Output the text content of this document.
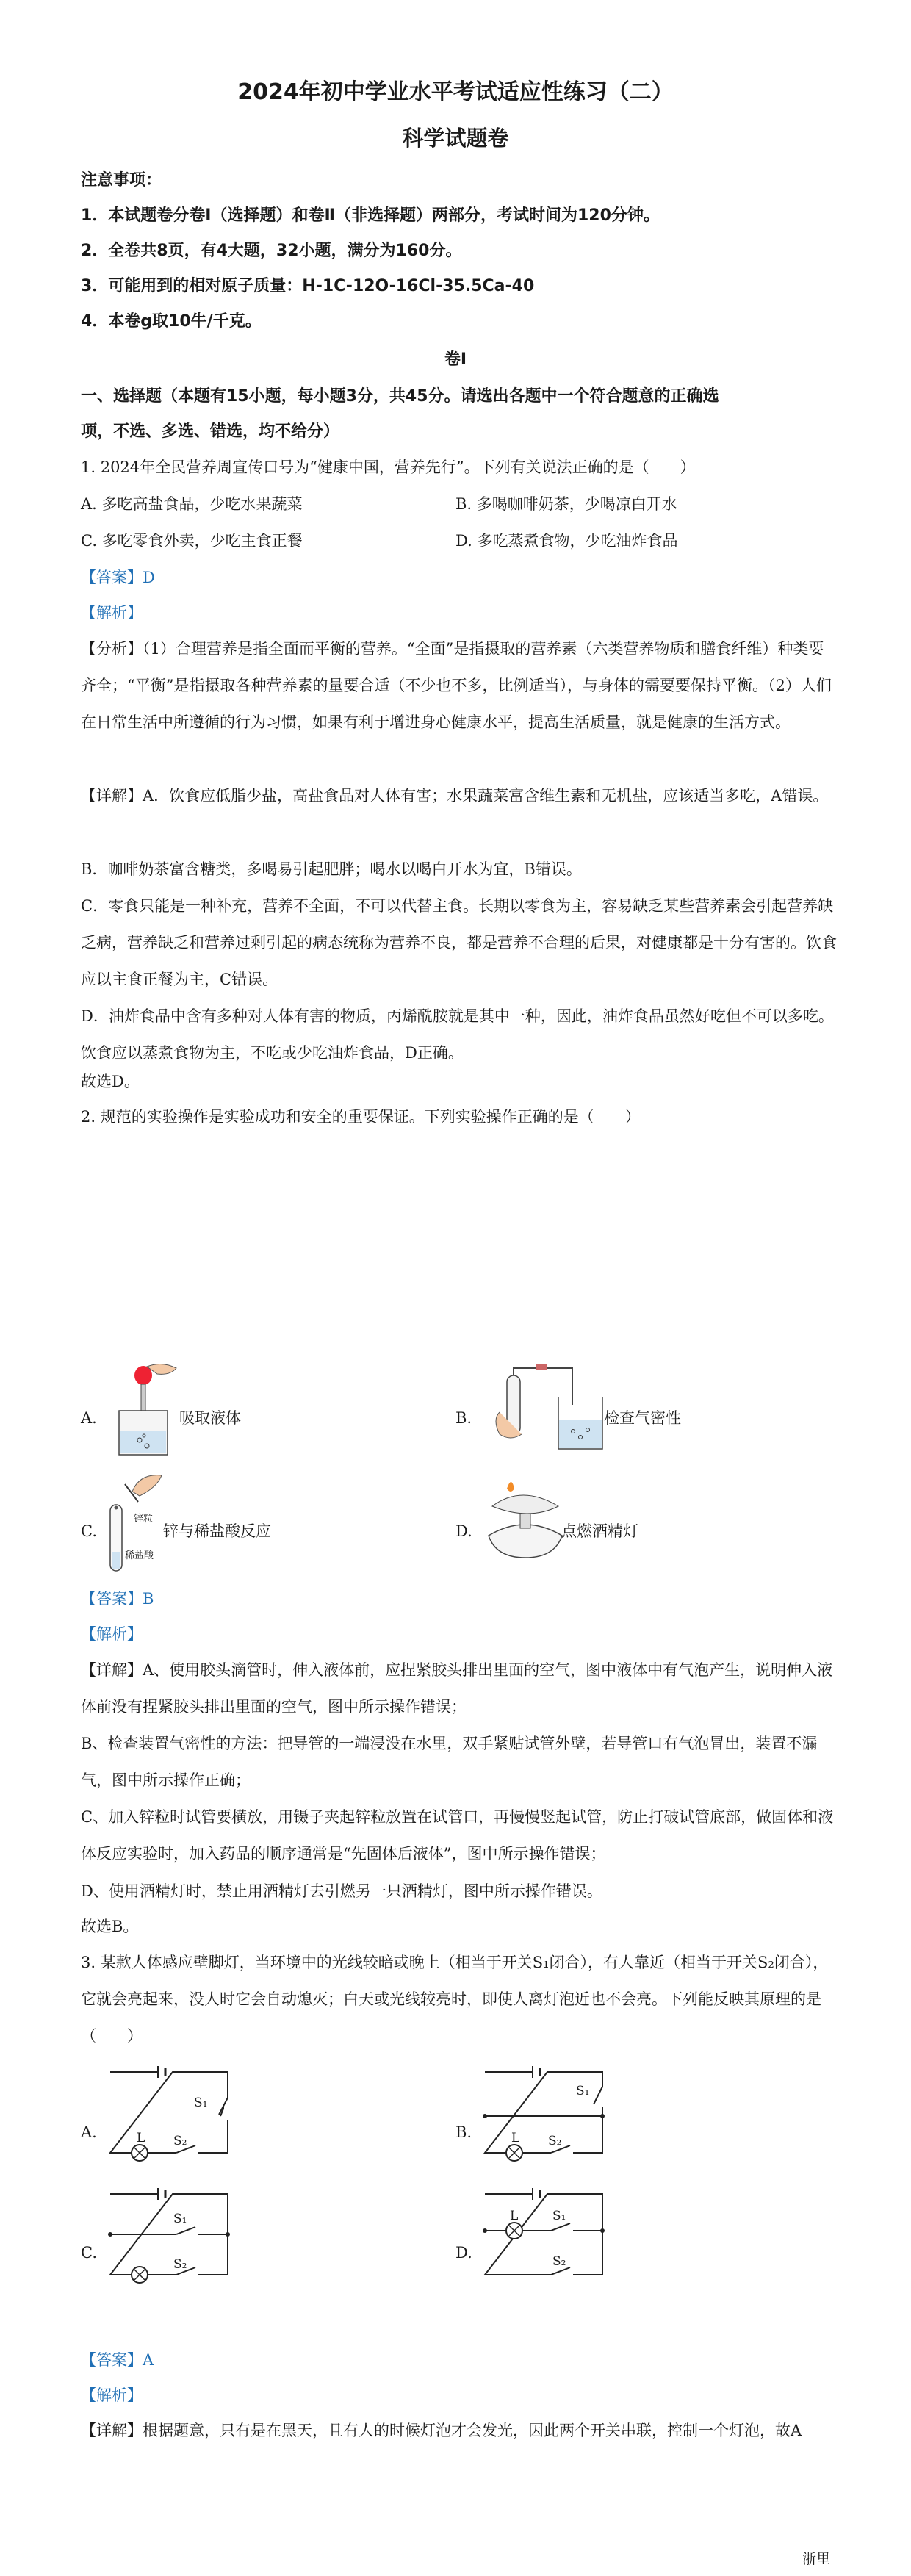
2024年初中学业水平考试适应性练习（二）
科学试题卷
注意事项：
1．本试题卷分卷Ⅰ（选择题）和卷Ⅱ（非选择题）两部分，考试时间为120分钟。
2．全卷共8页，有4大题，32小题，满分为160分。
3．可能用到的相对原子质量：H-1C-12O-16Cl-35.5Ca-40
4．本卷g取10牛/千克。
卷Ⅰ
一、选择题（本题有15小题，每小题3分，共45分。请选出各题中一个符合题意的正确选
项，不选、多选、错选，均不给分）
1. 2024年全民营养周宣传口号为“健康中国，营养先行”。下列有关说法正确的是（　　）
A. 多吃高盐食品，少吃水果蔬菜	B. 多喝咖啡奶茶，少喝凉白开水
C. 多吃零食外卖，少吃主食正餐	D. 多吃蒸煮食物，少吃油炸食品
【答案】D
【解析】
【分析】（1）合理营养是指全面而平衡的营养。“全面”是指摄取的营养素（六类营养物质和膳食纤维）种类要齐全；“平衡”是指摄取各种营养素的量要合适（不少也不多，比例适当），与身体的需要要保持平衡。（2）人们在日常生活中所遵循的行为习惯，如果有利于增进身心健康水平，提高生活质量，就是健康的生活方式。
【详解】A．饮食应低脂少盐，高盐食品对人体有害；水果蔬菜富含维生素和无机盐，应该适当多吃，A错误。
B．咖啡奶茶富含糖类，多喝易引起肥胖；喝水以喝白开水为宜，B错误。
C．零食只能是一种补充，营养不全面，不可以代替主食。长期以零食为主，容易缺乏某些营养素会引起营养缺乏病，营养缺乏和营养过剩引起的病态统称为营养不良，都是营养不合理的后果，对健康都是十分有害的。饮食应以主食正餐为主，C错误。
D．油炸食品中含有多种对人体有害的物质，丙烯酰胺就是其中一种，因此，油炸食品虽然好吃但不可以多吃。饮食应以蒸煮食物为主，不吃或少吃油炸食品，D正确。
故选D。
2. 规范的实验操作是实验成功和安全的重要保证。下列实验操作正确的是（　　）
A.	吸取液体	B.	检查气密性
C.
锌粒
稀盐酸
锌与稀盐酸反应	D.	点燃酒精灯
【答案】B
【解析】
【详解】A、使用胶头滴管时，伸入液体前，应捏紧胶头排出里面的空气，图中液体中有气泡产生，说明伸入液体前没有捏紧胶头排出里面的空气，图中所示操作错误；
B、检查装置气密性的方法：把导管的一端浸没在水里，双手紧贴试管外壁，若导管口有气泡冒出，装置不漏气，图中所示操作正确；
C、加入锌粒时试管要横放，用镊子夹起锌粒放置在试管口，再慢慢竖起试管，防止打破试管底部，做固体和液体反应实验时，加入药品的顺序通常是“先固体后液体”，图中所示操作错误；
D、使用酒精灯时，禁止用酒精灯去引燃另一只酒精灯，图中所示操作错误。
故选B。
3. 某款人体感应壁脚灯，当环境中的光线较暗或晚上（相当于开关S₁闭合），有人靠近（相当于开关S₂闭合），它就会亮起来，没人时它会自动熄灭；白天或光线较亮时，即使人离灯泡近也不会亮。下列能反映其原理的是（　　）
A.	L
S₁
S₂	B.	L
S₁
S₂
C.
S₁
S₂
D.
L	S₁
S₂
【答案】A
【解析】
【详解】根据题意，只有是在黑天，且有人的时候灯泡才会发光，因此两个开关串联，控制一个灯泡，故A
浙里
